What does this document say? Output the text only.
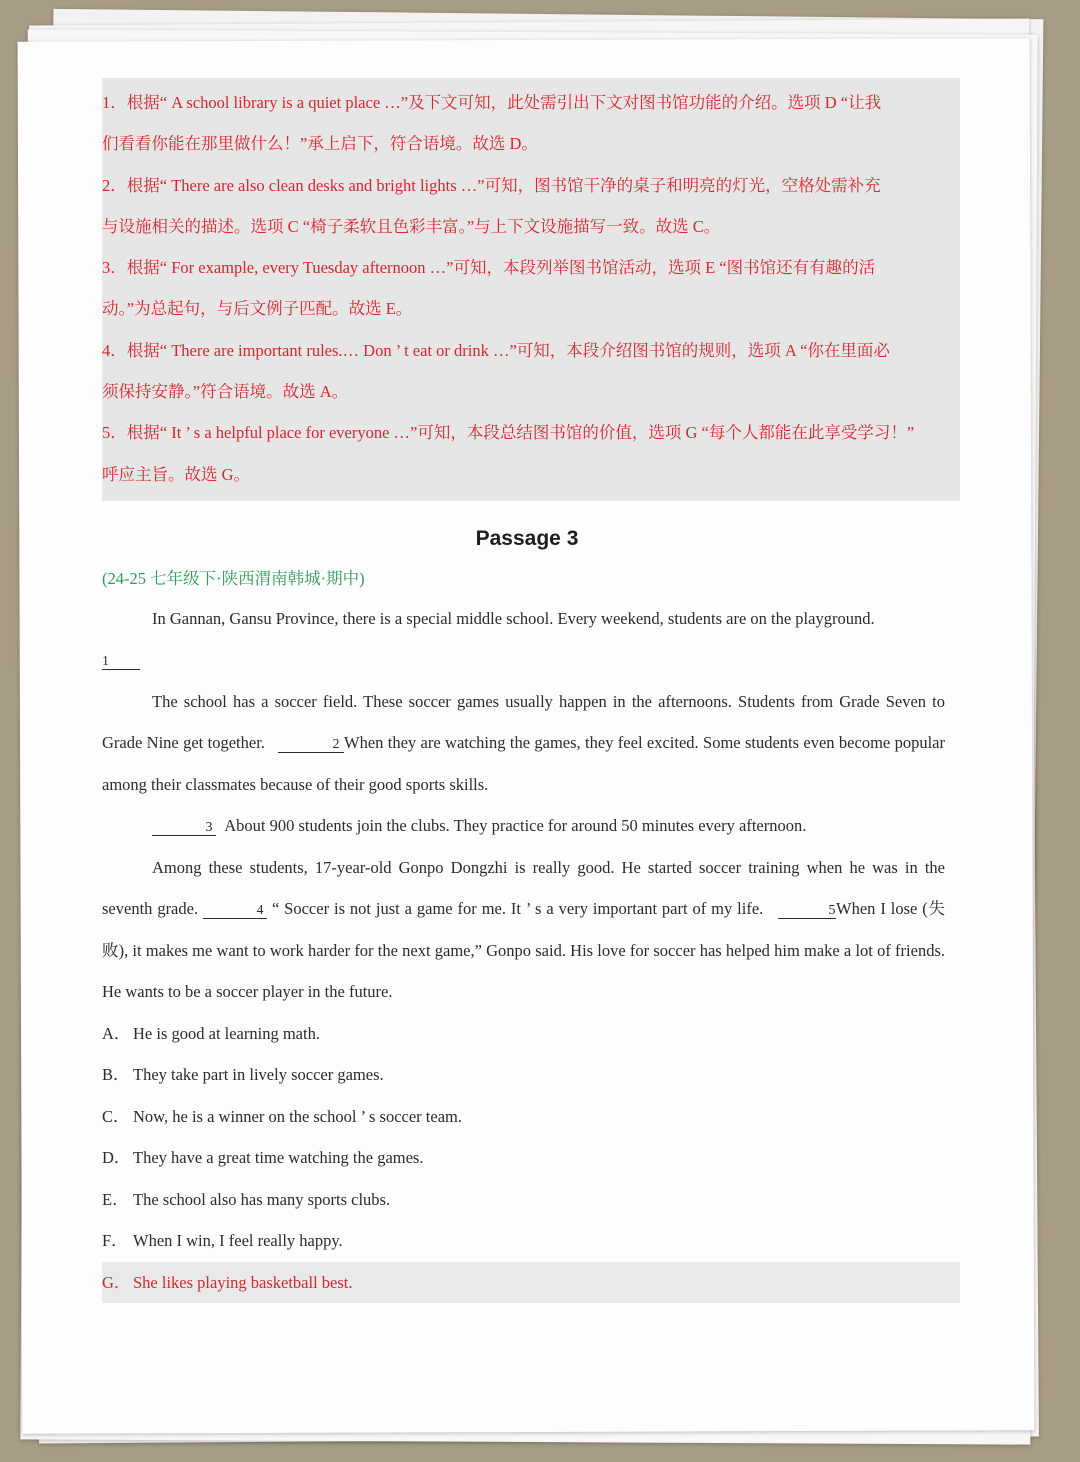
1．根据“ A school library is a quiet place …”及下文可知，此处需引出下文对图书馆功能的介绍。选项 D “让我

们看看你能在那里做什么！”承上启下，符合语境。故选 D。

2．根据“ There are also clean desks and bright lights …”可知，图书馆干净的桌子和明亮的灯光，空格处需补充

与设施相关的描述。选项 C “椅子柔软且色彩丰富。”与上下文设施描写一致。故选 C。

3．根据“ For example, every Tuesday afternoon …”可知，本段列举图书馆活动，选项 E “图书馆还有有趣的活

动。”为总起句，与后文例子匹配。故选 E。

4．根据“ There are important rules.… Don ’ t eat or drink …”可知，本段介绍图书馆的规则，选项 A “你在里面必

须保持安静。”符合语境。故选 A。

5．根据“ It ’ s a helpful place for everyone …”可知，本段总结图书馆的价值，选项 G “每个人都能在此享受学习！”

呼应主旨。故选 G。

Passage 3
(24-25 七年级下·陕西渭南韩城·期中)

In Gannan, Gansu Province, there is a special middle school. Every weekend, students are on the playground.

1

The school has a soccer field. These soccer games usually happen in the afternoons. Students from Grade Seven to Grade Nine get together.	2 When they are watching the games, they feel excited. Some students even become popular among their classmates because of their good sports skills.

3 About 900 students join the clubs. They practice for around 50 minutes every afternoon.

Among these students, 17-year-old Gonpo Dongzhi is really good. He started soccer training when he was in the seventh grade.	4 “ Soccer is not just a game for me. It ’ s a very important part of my life.	5When I lose (失败), it makes me want to work harder for the next game,” Gonpo said. His love for soccer has helped him make a lot of friends. He wants to be a soccer player in the future.

A． He is good at learning math.

B． They take part in lively soccer games.

C． Now, he is a winner on the school ’ s soccer team.

D． They have a great time watching the games.

E． The school also has many sports clubs.

F． When I win, I feel really happy.

G． She likes playing basketball best.
